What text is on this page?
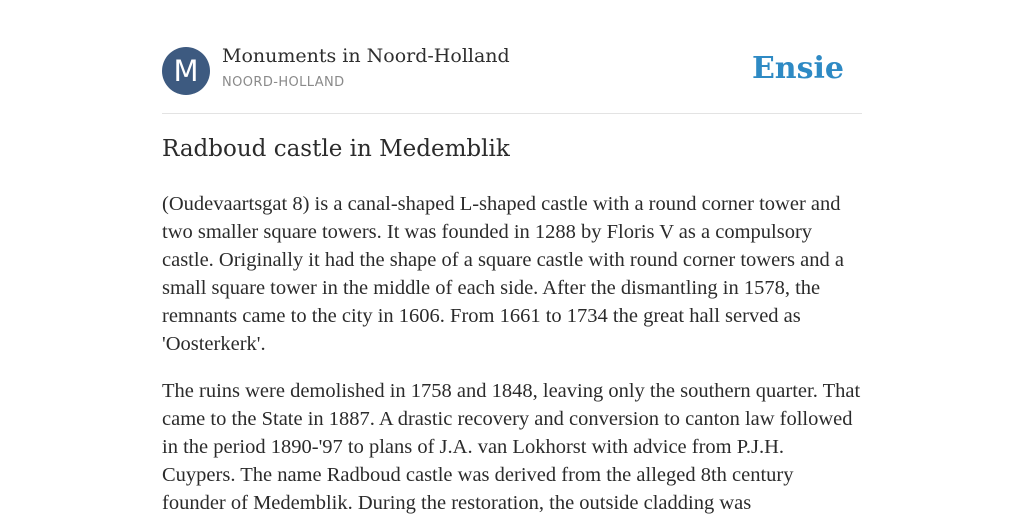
M	Monuments in Noord-Holland
NOORD-HOLLAND	Ensie
Radboud castle in Medemblik

(Oudevaartsgat 8) is a canal-shaped L-shaped castle with a round corner tower and two smaller square towers. It was founded in 1288 by Floris V as a compulsory castle. Originally it had the shape of a square castle with round corner towers and a small square tower in the middle of each side. After the dismantling in 1578, the remnants came to the city in 1606. From 1661 to 1734 the great hall served as 'Oosterkerk'.

The ruins were demolished in 1758 and 1848, leaving only the southern quarter. That came to the State in 1887. A drastic recovery and conversion to canton law followed in the period 1890-'97 to plans of J.A. van Lokhorst with advice from P.J.H. Cuypers. The name Radboud castle was derived from the alleged 8th century founder of Medemblik. During the restoration, the outside cladding was
